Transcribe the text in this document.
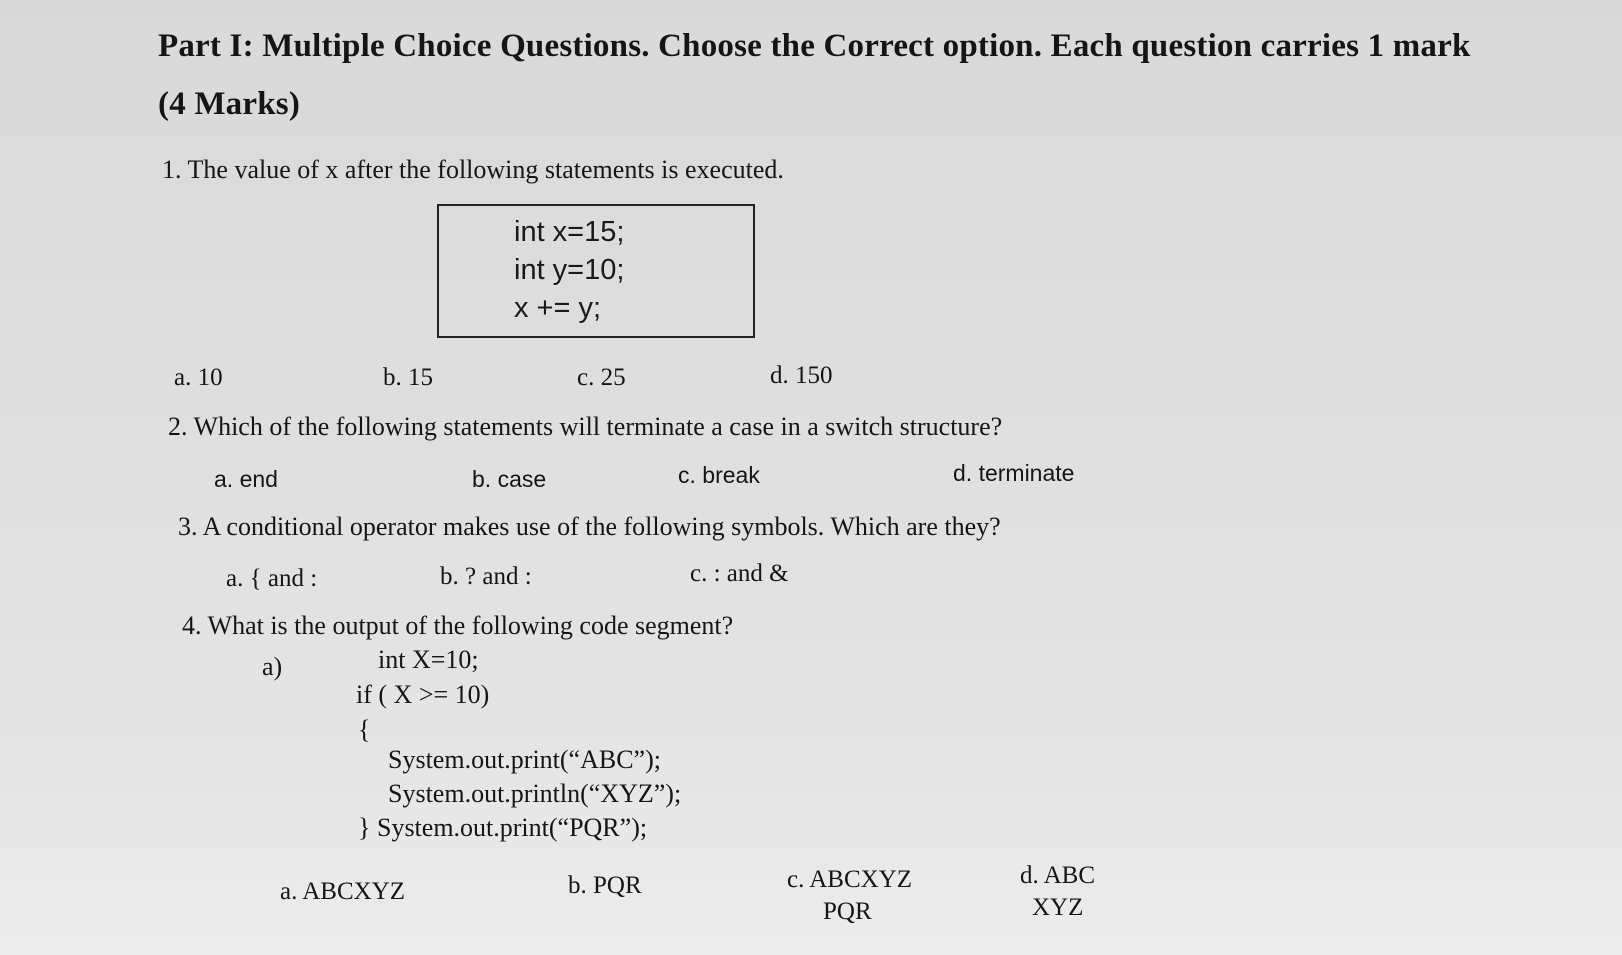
Part I: Multiple Choice Questions. Choose the Correct option. Each question carries 1 mark
(4 Marks)
1. The value of x after the following statements is executed.
int x=15;
int y=10;
x += y;
a. 10	b. 15	c. 25	d. 150
2. Which of the following statements will terminate a case in a switch structure?
a. end	b. case	c. break	d. terminate
3. A conditional operator makes use of the following symbols. Which are they?
a. { and :	b. ? and :	c. : and &
4. What is the output of the following code segment?
a)	int X=10;
if ( X >= 10)
{
System.out.print(“ABC”);
System.out.println(“XYZ”);
} System.out.print(“PQR”);
a. ABCXYZ	b. PQR	c. ABCXYZ
PQR
d. ABC
XYZ
